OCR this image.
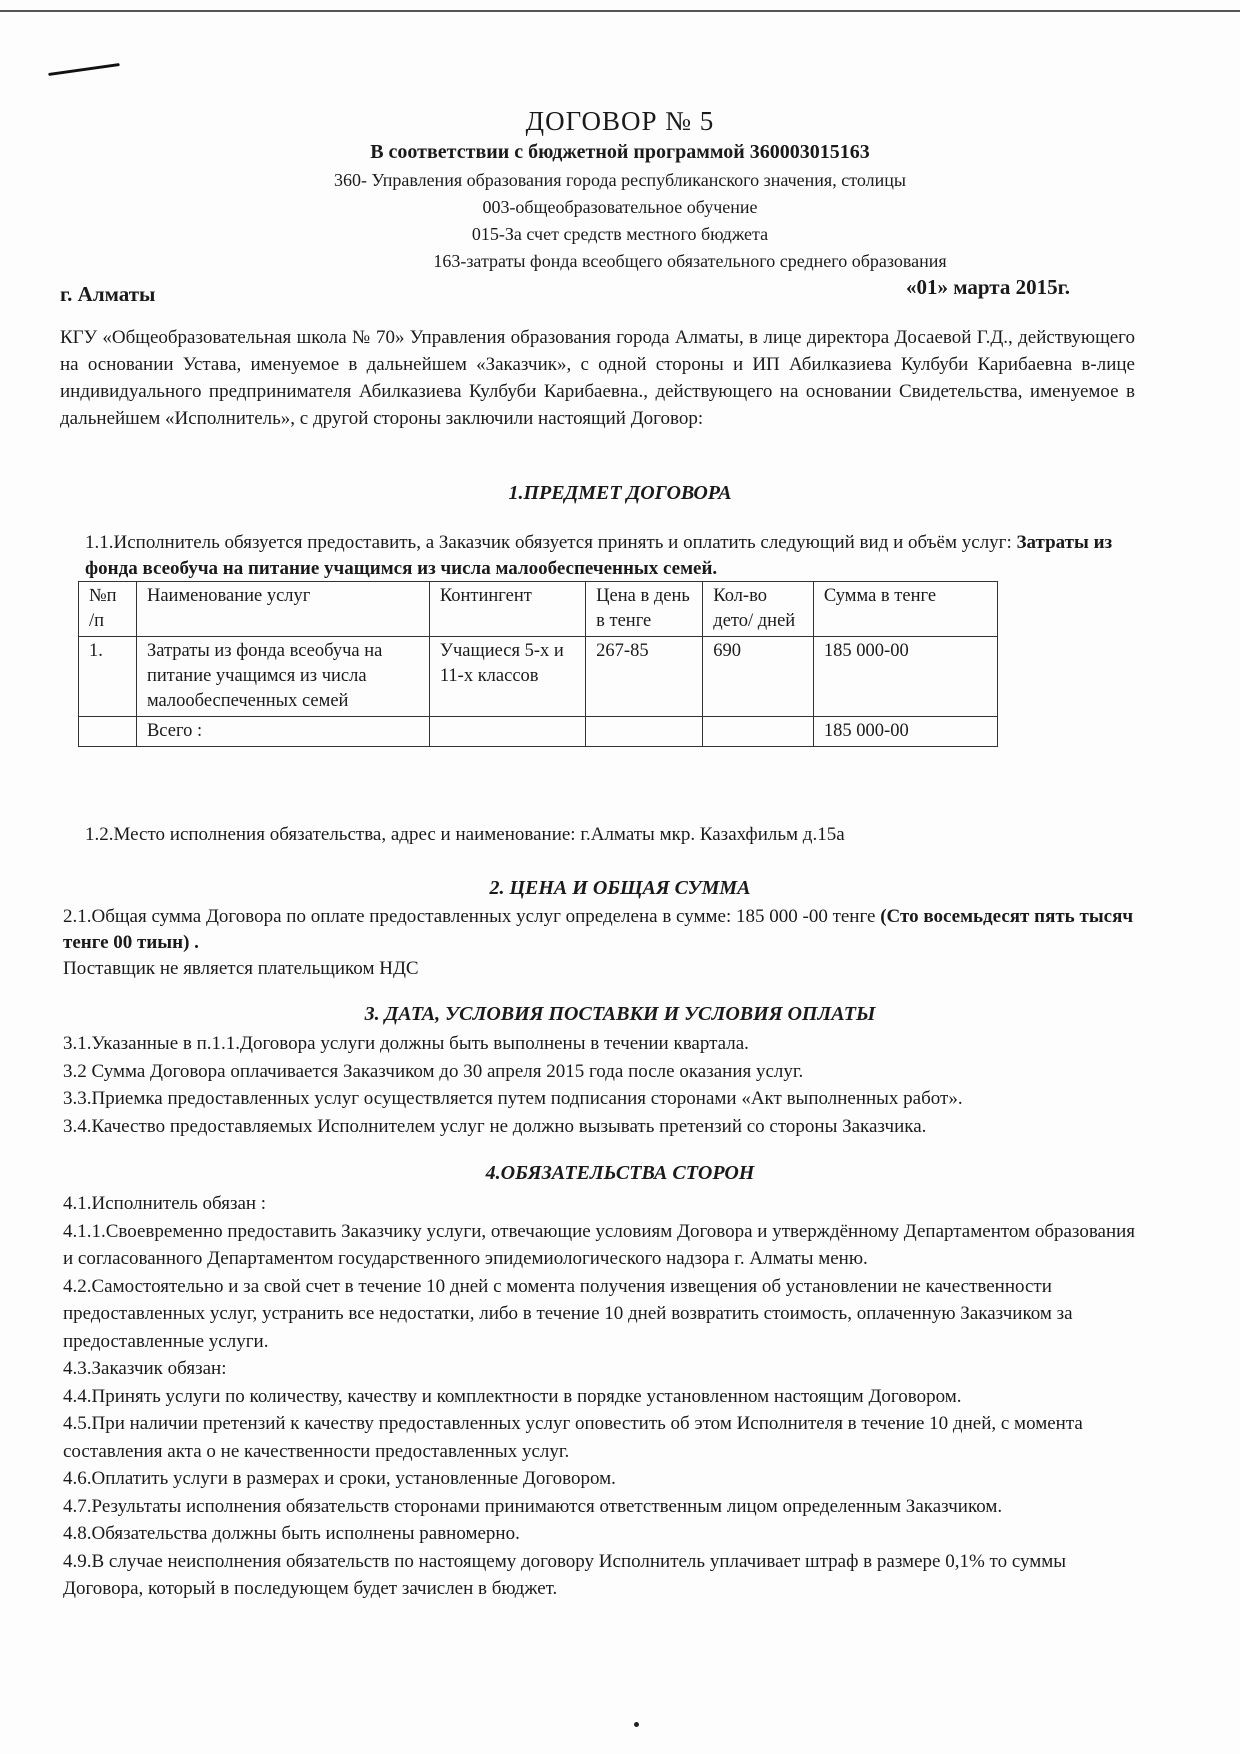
ДОГОВОР № 5
В соответствии с бюджетной программой 360003015163
360- Управления образования города республиканского значения, столицы
003-общеобразовательное обучение
015-За счет средств местного бюджета
163-затраты фонда всеобщего обязательного среднего образования
г. Алматы	«01» марта 2015г.
КГУ «Общеобразовательная школа № 70» Управления образования города Алматы, в лице директора Досаевой Г.Д., действующего на основании Устава, именуемое в дальнейшем «Заказчик», с одной стороны и ИП Абилказиева Кулбуби Карибаевна в-лице индивидуального предпринимателя Абилказиева Кулбуби Карибаевна., действующего на основании Свидетельства, именуемое в дальнейшем «Исполнитель», с другой стороны заключили настоящий Договор:
1.ПРЕДМЕТ ДОГОВОРА
1.1.Исполнитель обязуется предоставить, а Заказчик обязуется принять и оплатить следующий вид и объём услуг: Затраты из фонда всеобуча на питание учащимся из числа малообеспеченных семей.
№п /п	Наименование услуг	Контингент	Цена в день в тенге	Кол-во дето/ дней	Сумма в тенге
1.	Затраты из фонда всеобуча на питание учащимся из числа малообеспеченных семей	Учащиеся 5-х и 11-х классов	267-85	690	185 000-00
	Всего :				185 000-00
1.2.Место исполнения обязательства, адрес и наименование: г.Алматы мкр. Казахфильм д.15а
2. ЦЕНА И ОБЩАЯ СУММА
2.1.Общая сумма Договора по оплате предоставленных услуг определена в сумме: 185 000 -00 тенге (Сто восемьдесят пять тысяч тенге 00 тиын) .
Поставщик не является плательщиком НДС
3. ДАТА, УСЛОВИЯ ПОСТАВКИ И УСЛОВИЯ ОПЛАТЫ
3.1.Указанные в п.1.1.Договора услуги должны быть выполнены в течении квартала.
3.2 Сумма Договора оплачивается Заказчиком до 30 апреля 2015 года после оказания услуг.
3.3.Приемка предоставленных услуг осуществляется путем подписания сторонами «Акт выполненных работ».
3.4.Качество предоставляемых Исполнителем услуг не должно вызывать претензий со стороны Заказчика.
4.ОБЯЗАТЕЛЬСТВА СТОРОН
4.1.Исполнитель обязан :
4.1.1.Своевременно предоставить Заказчику услуги, отвечающие условиям Договора и утверждённому Департаментом образования и согласованного Департаментом государственного эпидемиологического надзора г. Алматы меню.
4.2.Самостоятельно и за свой счет в течение 10 дней с момента получения извещения об установлении не качественности предоставленных услуг, устранить все недостатки, либо в течение 10 дней возвратить стоимость, оплаченную Заказчиком за предоставленные услуги.
4.3.Заказчик обязан:
4.4.Принять услуги по количеству, качеству и комплектности в порядке установленном настоящим Договором.
4.5.При наличии претензий к качеству предоставленных услуг оповестить об этом Исполнителя в течение 10 дней, с момента составления акта о не качественности предоставленных услуг.
4.6.Оплатить услуги в размерах и сроки, установленные Договором.
4.7.Результаты исполнения обязательств сторонами принимаются ответственным лицом определенным Заказчиком.
4.8.Обязательства должны быть исполнены равномерно.
4.9.В случае неисполнения обязательств по настоящему договору Исполнитель уплачивает штраф в размере 0,1% то суммы Договора, который в последующем будет зачислен в бюджет.
